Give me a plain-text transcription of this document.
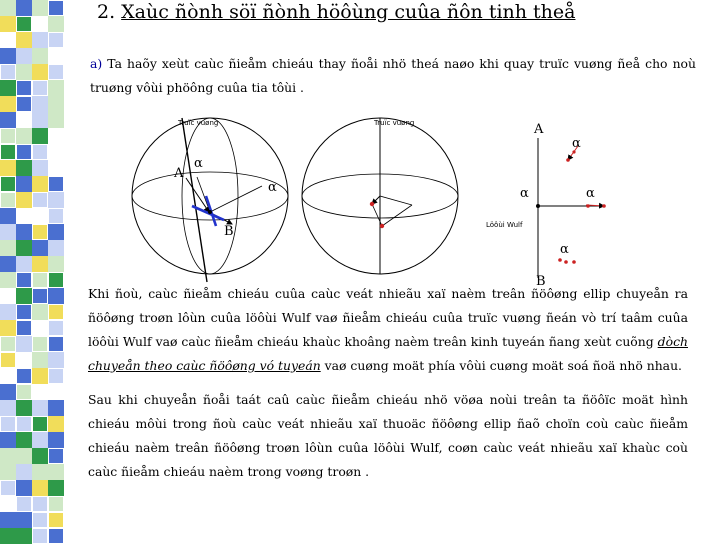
2. Xaùc ñònh söï ñònh höôùng cuûa ñôn tinh theå
a) Ta haõy xeùt caùc ñieåm chieáu thay ñoåi nhö theá naøo khi quay truïc vuøng ñeå cho noù truøng vôùi phöông cuûa tia tôùi .
Truïc vuøng	Truïc vuøng
A
α
α
B
A
α
α	α
Löôùi Wulf
α
B
Khi ñoù, caùc ñieåm chieáu cuûa caùc veát nhieãu xaï naèm treân ñöôøng ellip chuyeån ra ñöôøng troøn lôùn cuûa löôùi Wulf vaø ñieåm chieáu cuûa truïc vuøng ñeán vò trí taâm cuûa löôùi Wulf vaø caùc ñieåm chieáu khaùc khoâng naèm treân kinh tuyeán ñang xeùt cuõng dòch chuyeån theo caùc ñöôøng vó tuyeán vaø cuøng moät phía vôùi cuøng moät soá ñoä nhö nhau.
Sau khi chuyeån ñoåi taát caû caùc ñieåm chieáu nhö vöøa noùi treân ta ñöôïc moät hình chieáu môùi trong ñoù caùc veát nhieãu xaï thuoäc ñöôøng ellip ñaõ choïn coù caùc ñieåm chieáu naèm treân ñöôøng troøn lôùn cuûa löôùi Wulf, coøn caùc veát nhieãu xaï khaùc coù caùc ñieåm chieáu naèm trong voøng troøn .
